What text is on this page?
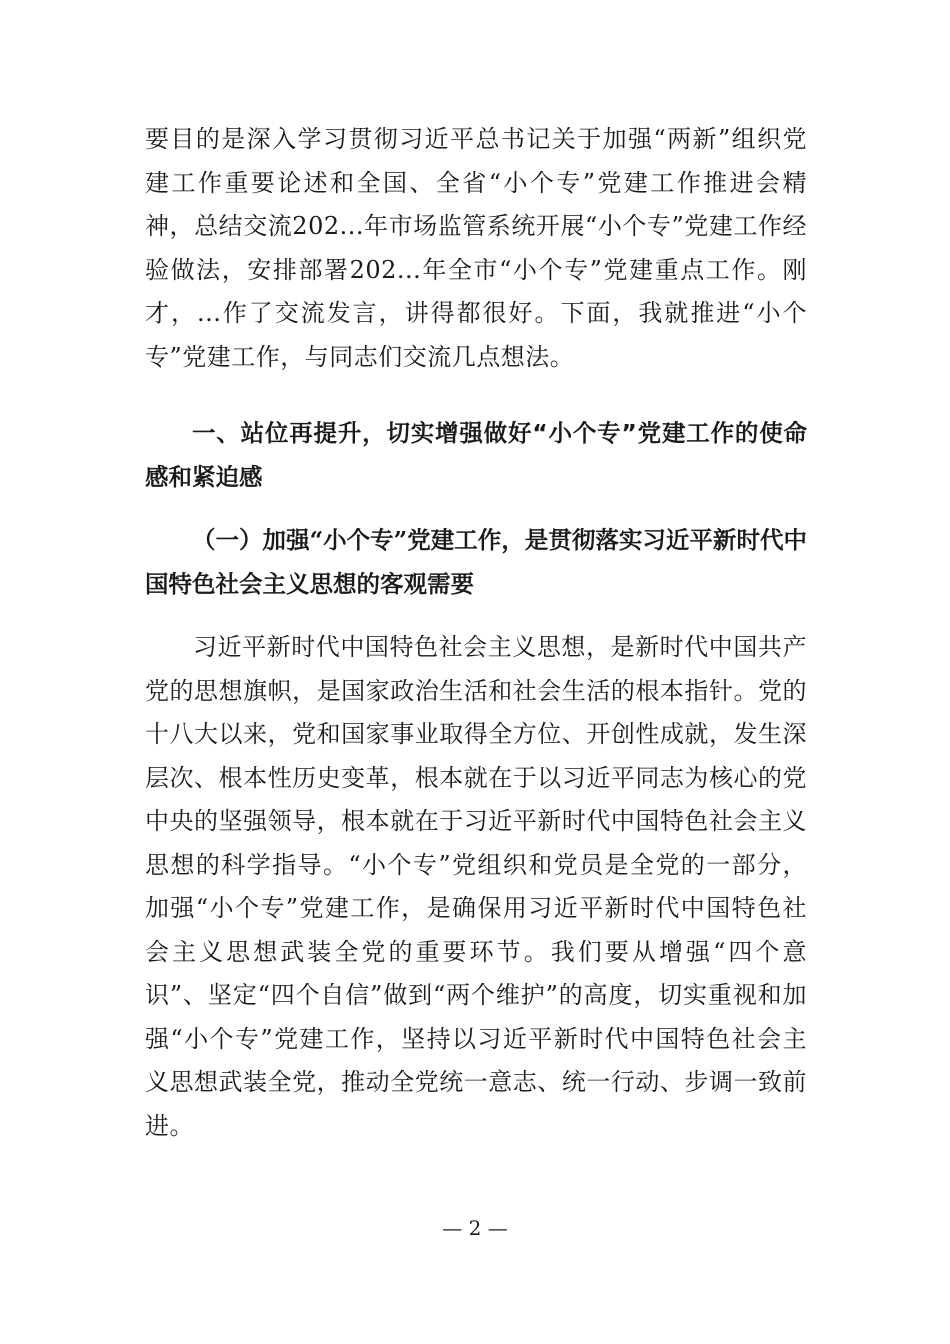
要目的是深入学习贯彻习近平总书记关于加强“两新”组织党建工作重要论述和全国、全省“小个专”党建工作推进会精神，总结交流202...年市场监管系统开展“小个专”党建工作经验做法，安排部署202...年全市“小个专”党建重点工作。刚才，...作了交流发言，讲得都很好。下面，我就推进“小个专”党建工作，与同志们交流几点想法。

一、站位再提升，切实增强做好“小个专”党建工作的使命感和紧迫感

（一）加强“小个专”党建工作，是贯彻落实习近平新时代中国特色社会主义思想的客观需要

习近平新时代中国特色社会主义思想，是新时代中国共产党的思想旗帜，是国家政治生活和社会生活的根本指针。党的十八大以来，党和国家事业取得全方位、开创性成就，发生深层次、根本性历史变革，根本就在于以习近平同志为核心的党中央的坚强领导，根本就在于习近平新时代中国特色社会主义思想的科学指导。“小个专”党组织和党员是全党的一部分，加强“小个专”党建工作，是确保用习近平新时代中国特色社会主义思想武装全党的重要环节。我们要从增强“四个意识”、坚定“四个自信”做到“两个维护”的高度，切实重视和加强“小个专”党建工作，坚持以习近平新时代中国特色社会主义思想武装全党，推动全党统一意志、统一行动、步调一致前进。

— 2 —
